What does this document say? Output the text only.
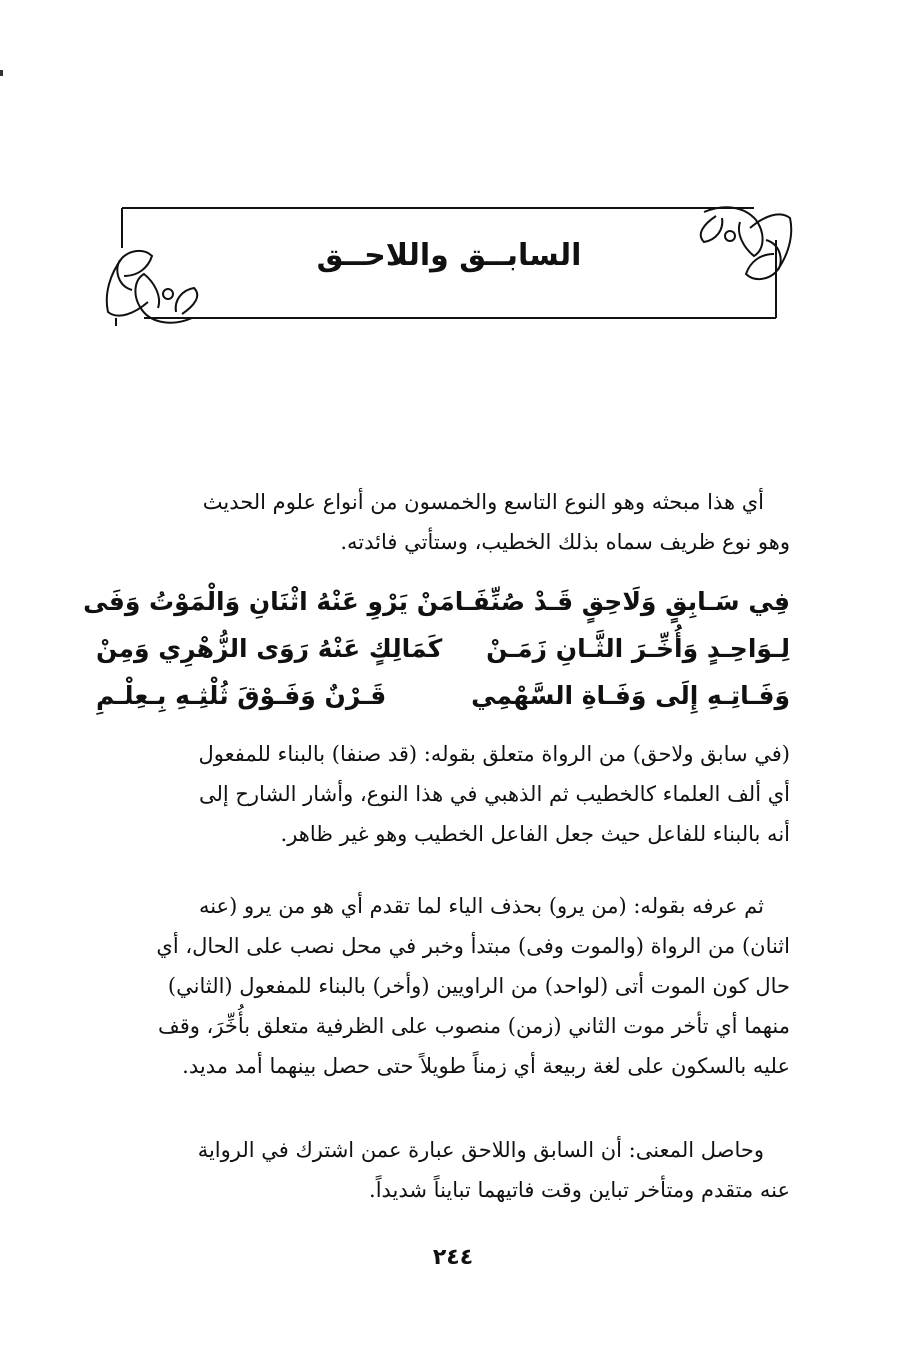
السابــق واللاحــق
أي هذا مبحثه وهو النوع التاسع والخمسون من أنواع علوم الحديث
وهو نوع ظريف سماه بذلك الخطيب، وستأتي فائدته.
فِي سَـابِقٍ وَلَاحِقٍ قَـدْ صُنِّفَـا
مَنْ يَرْوِ عَنْهُ اثْنَانِ وَالْمَوْتُ وَفَى
لِـوَاحِـدٍ وَأُخِّـرَ الثَّـانِ زَمَـنْ
كَمَالِكٍ عَنْهُ رَوَى الزُّهْرِي وَمِنْ
وَفَـاتِـهِ إِلَى وَفَـاةِ السَّهْمِي
قَـرْنٌ وَفَـوْقَ ثُلْثِـهِ بِـعِلْـمِ
(في سابق ولاحق) من الرواة متعلق بقوله: (قد صنفا) بالبناء للمفعول
أي ألف العلماء كالخطيب ثم الذهبي في هذا النوع، وأشار الشارح إلى
أنه بالبناء للفاعل حيث جعل الفاعل الخطيب وهو غير ظاهر.
ثم عرفه بقوله: (من يرو) بحذف الياء لما تقدم أي هو من يرو (عنه
اثنان) من الرواة (والموت وفى) مبتدأ وخبر في محل نصب على الحال، أي
حال كون الموت أتى (لواحد) من الراويين (وأخر) بالبناء للمفعول (الثاني)
منهما أي تأخر موت الثاني (زمن) منصوب على الظرفية متعلق بأُخِّرَ، وقف
عليه بالسكون على لغة ربيعة أي زمناً طويلاً حتى حصل بينهما أمد مديد.
وحاصل المعنى: أن السابق واللاحق عبارة عمن اشترك في الرواية
عنه متقدم ومتأخر تباين وقت فاتيهما تبايناً شديداً.
٢٤٤
